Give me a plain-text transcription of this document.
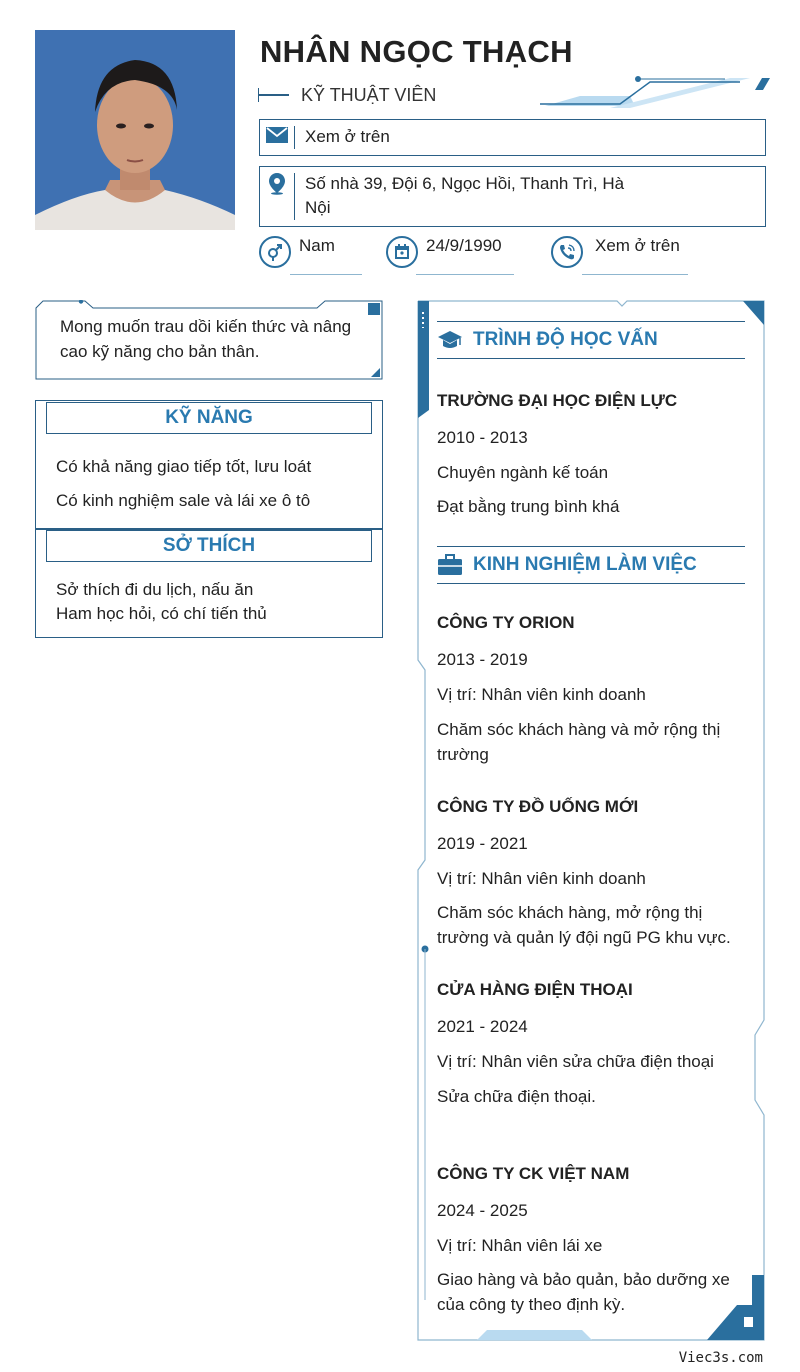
NHÂN NGỌC THẠCH
KỸ THUẬT VIÊN
Xem ở trên
Số nhà 39, Đội 6, Ngọc Hồi, Thanh Trì, Hà Nội
Nam	24/9/1990	Xem ở trên
Mong muốn trau dồi kiến thức và nâng cao kỹ năng cho bản thân.
KỸ NĂNG
Có khả năng giao tiếp tốt, lưu loát
Có kinh nghiệm sale và lái xe ô tô
SỞ THÍCH
Sở thích đi du lịch, nấu ăn
Ham học hỏi, có chí tiến thủ
TRÌNH ĐỘ HỌC VẤN
TRƯỜNG ĐẠI HỌC ĐIỆN LỰC
2010 - 2013
Chuyên ngành kế toán
Đạt bằng trung bình khá
KINH NGHIỆM LÀM VIỆC
CÔNG TY ORION
2013 - 2019
Vị trí: Nhân viên kinh doanh
Chăm sóc khách hàng và mở rộng thị trường
CÔNG TY ĐỒ UỐNG MỚI
2019 - 2021
Vị trí: Nhân viên kinh doanh
Chăm sóc khách hàng, mở rộng thị trường và quản lý đội ngũ PG khu vực.
CỬA HÀNG ĐIỆN THOẠI
2021 - 2024
Vị trí: Nhân viên sửa chữa điện thoại
Sửa chữa điện thoại.
CÔNG TY CK VIỆT NAM
2024 - 2025
Vị trí: Nhân viên lái xe
Giao hàng và bảo quản, bảo dưỡng xe của công ty theo định kỳ.
Viec3s.com
